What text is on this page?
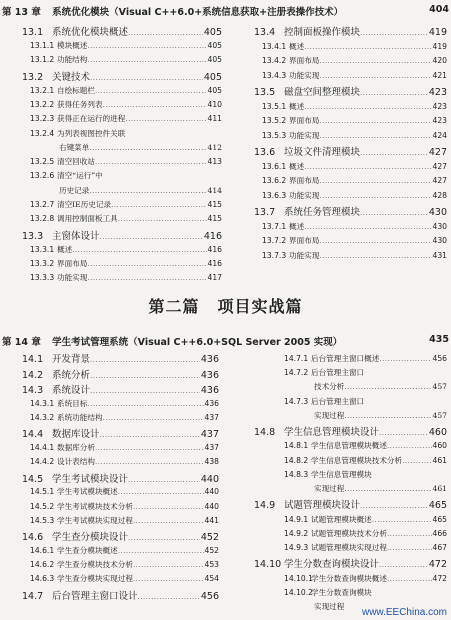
第 13 章 系统优化模块（Visual C++6.0+系统信息获取+注册表操作技术）	404
13.1 系统优化模块概述 .....	405
13.1.1 模块概述 .....	405
13.1.2 功能结构 .....	405
13.2 关键技术 .....	405
13.2.1 自绘标题栏 .....	405
13.2.2 获得任务列表 .....	410
13.2.3 获得正在运行的进程 .....	411
13.2.4 为列表视图控件关联
右键菜单 .....	412
13.2.5 清空回收站 .....	413
13.2.6 清空“运行”中
历史记录 .....	414
13.2.7 清空IE历史记录 .....	415
13.2.8 调用控制面板工具 .....	415
13.3 主窗体设计 .....	416
13.3.1 概述 .....	416
13.3.2 界面布局 .....	416
13.3.3 功能实现 .....	417
13.4 控制面板操作模块 .....	419
13.4.1 概述 .....	419
13.4.2 界面布局 .....	420
13.4.3 功能实现 .....	421
13.5 磁盘空间整理模块 .....	423
13.5.1 概述 .....	423
13.5.2 界面布局 .....	423
13.5.3 功能实现 .....	424
13.6 垃圾文件清理模块 .....	427
13.6.1 概述 .....	427
13.6.2 界面布局 .....	427
13.6.3 功能实现 .....	428
13.7 系统任务管理模块 .....	430
13.7.1 概述 .....	430
13.7.2 界面布局 .....	430
13.7.3 功能实现 .....	431
第二篇 项目实战篇
第 14 章 学生考试管理系统（Visual C++6.0+SQL Server 2005 实现）	435
14.1 开发背景 .....	436
14.2 系统分析 .....	436
14.3 系统设计 .....	436
14.3.1 系统目标 .....	436
14.3.2 系统功能结构 .....	437
14.4 数据库设计 .....	437
14.4.1 数据库分析 .....	437
14.4.2 设计表结构 .....	438
14.5 学生考试模块设计 .....	440
14.5.1 学生考试模块概述 .....	440
14.5.2 学生考试模块技术分析 .....	440
14.5.3 学生考试模块实现过程 .....	441
14.6 学生查分模块设计 .....	452
14.6.1 学生查分模块概述 .....	452
14.6.2 学生查分模块技术分析 .....	453
14.6.3 学生查分模块实现过程 .....	454
14.7 后台管理主窗口设计 .....	456
14.7.1 后台管理主窗口概述 .....	456
14.7.2 后台管理主窗口
技术分析 .....	457
14.7.3 后台管理主窗口
实现过程 .....	457
14.8 学生信息管理模块设计 .....	460
14.8.1 学生信息管理模块概述 .....	460
14.8.2 学生信息管理模块技术分析 .....	461
14.8.3 学生信息管理模块
实现过程 .....	461
14.9 试题管理模块设计 .....	465
14.9.1 试题管理模块概述 .....	465
14.9.2 试题管理模块技术分析 .....	466
14.9.3 试题管理模块实现过程 .....	467
14.10 学生分数查询模块设计 .....	472
14.10.1
学生分数查询模块概述 .....	472
14.10.2
学生分数查询模块
实现过程
www.EEChina.com
